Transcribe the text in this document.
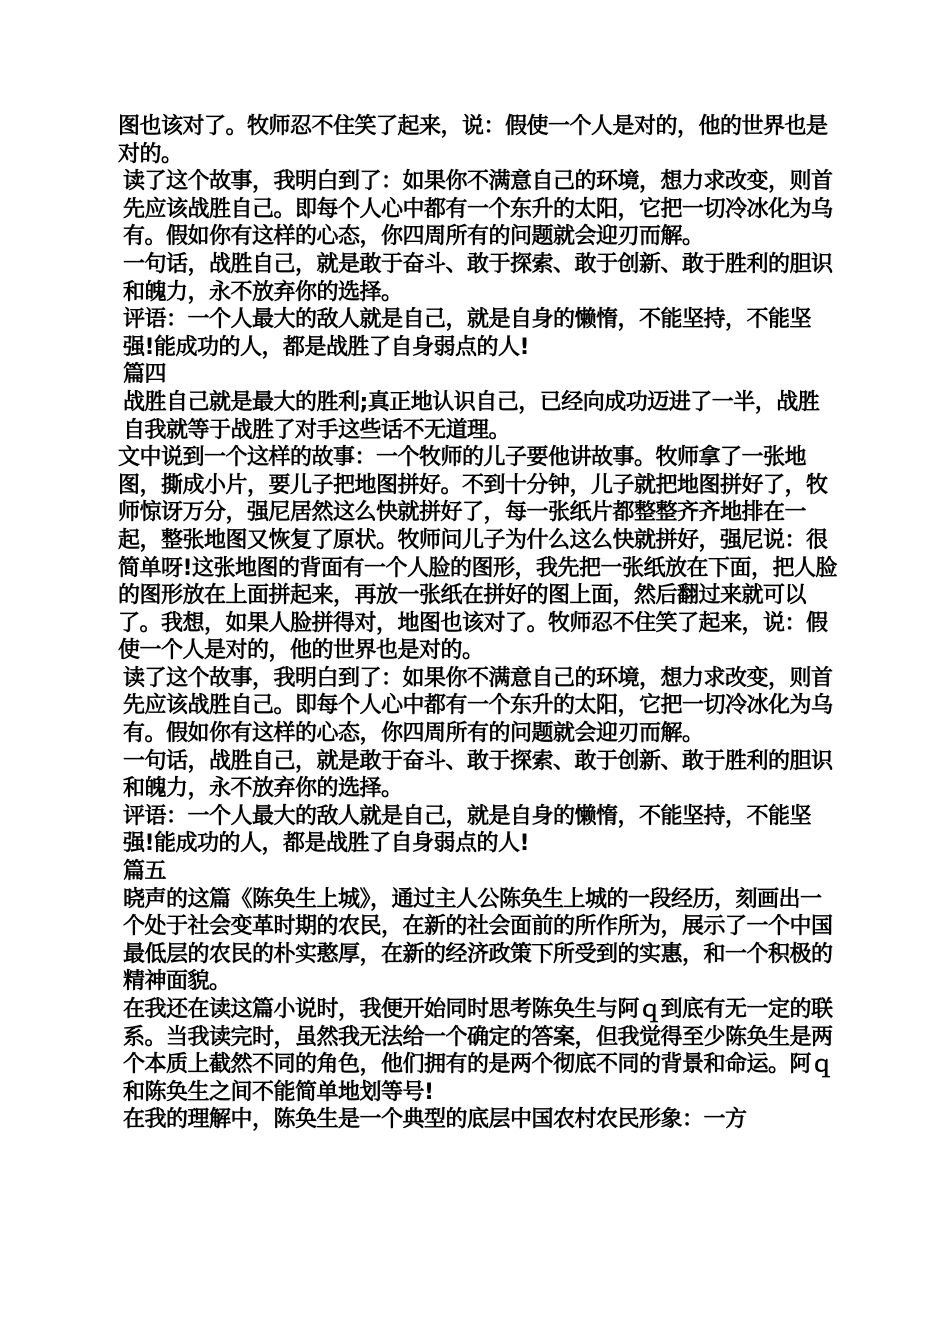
图也该对了。牧师忍不住笑了起来，说：假使一个人是对的，他的世界也是对的。

读了这个故事，我明白到了：如果你不满意自己的环境，想力求改变，则首先应该战胜自己。即每个人心中都有一个东升的太阳，它把一切冷冰化为乌有。假如你有这样的心态，你四周所有的问题就会迎刃而解。

一句话，战胜自己，就是敢于奋斗、敢于探索、敢于创新、敢于胜利的胆识和魄力，永不放弃你的选择。

评语：一个人最大的敌人就是自己，就是自身的懒惰，不能坚持，不能坚强!能成功的人，都是战胜了自身弱点的人!

篇四

战胜自己就是最大的胜利;真正地认识自己，已经向成功迈进了一半，战胜自我就等于战胜了对手这些话不无道理。

文中说到一个这样的故事：一个牧师的儿子要他讲故事。牧师拿了一张地图，撕成小片，要儿子把地图拼好。不到十分钟，儿子就把地图拼好了，牧师惊讶万分，强尼居然这么快就拼好了，每一张纸片都整整齐齐地排在一起，整张地图又恢复了原状。牧师问儿子为什么这么快就拼好，强尼说：很简单呀!这张地图的背面有一个人脸的图形，我先把一张纸放在下面，把人脸的图形放在上面拼起来，再放一张纸在拼好的图上面，然后翻过来就可以了。我想，如果人脸拼得对，地图也该对了。牧师忍不住笑了起来，说：假使一个人是对的，他的世界也是对的。

读了这个故事，我明白到了：如果你不满意自己的环境，想力求改变，则首先应该战胜自己。即每个人心中都有一个东升的太阳，它把一切冷冰化为乌有。假如你有这样的心态，你四周所有的问题就会迎刃而解。

一句话，战胜自己，就是敢于奋斗、敢于探索、敢于创新、敢于胜利的胆识和魄力，永不放弃你的选择。

评语：一个人最大的敌人就是自己，就是自身的懒惰，不能坚持，不能坚强!能成功的人，都是战胜了自身弱点的人!

篇五

晓声的这篇《陈奂生上城》，通过主人公陈奂生上城的一段经历，刻画出一个处于社会变革时期的农民，在新的社会面前的所作所为，展示了一个中国最低层的农民的朴实憨厚，在新的经济政策下所受到的实惠，和一个积极的精神面貌。

在我还在读这篇小说时，我便开始同时思考陈奂生与阿ｑ到底有无一定的联系。当我读完时，虽然我无法给一个确定的答案，但我觉得至少陈奂生是两个本质上截然不同的角色，他们拥有的是两个彻底不同的背景和命运。阿ｑ和陈奂生之间不能简单地划等号!

在我的理解中，陈奂生是一个典型的底层中国农村农民形象：一方
